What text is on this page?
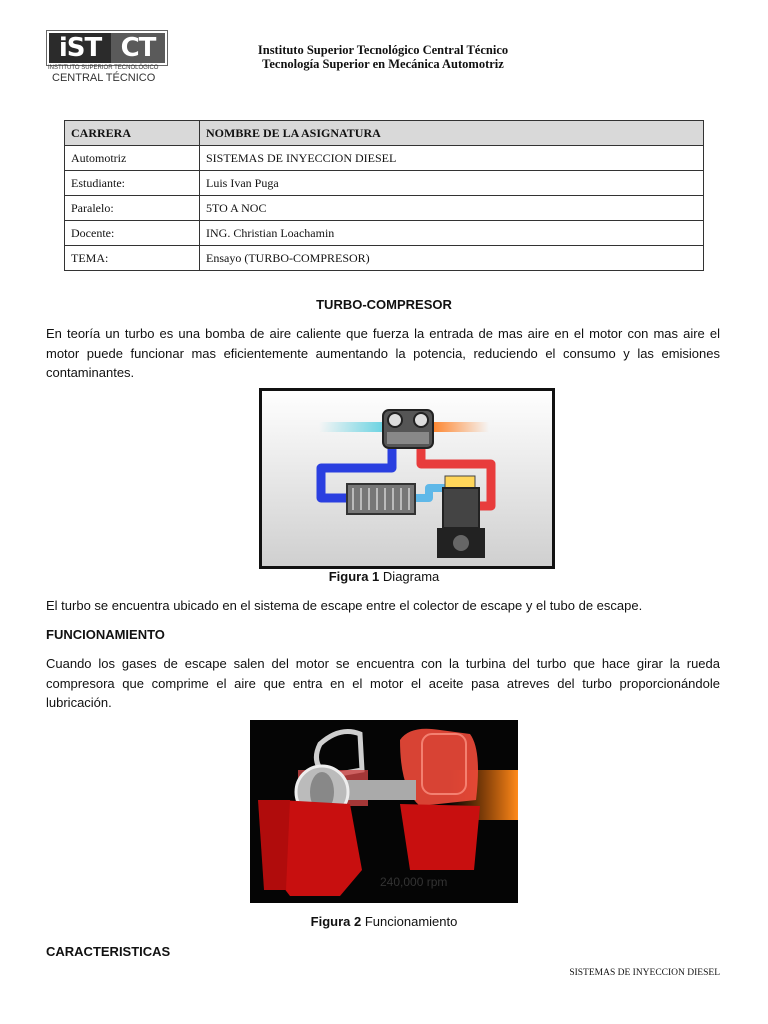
iST CT
INSTITUTO SUPERIOR TECNOLÓGICO
CENTRAL TÉCNICO
Instituto Superior Tecnológico Central Técnico
Tecnología Superior en Mecánica Automotriz
CARRERA	NOMBRE DE LA ASIGNATURA
Automotriz	SISTEMAS DE INYECCION DIESEL
Estudiante:	Luis Ivan Puga
Paralelo:	5TO A NOC
Docente:	ING. Christian Loachamin
TEMA:	Ensayo (TURBO-COMPRESOR)
TURBO-COMPRESOR
En teoría un turbo es una bomba de aire caliente que fuerza la entrada de mas aire en el motor con mas aire el motor puede funcionar mas eficientemente aumentando la potencia, reduciendo el consumo y las emisiones contaminantes.
Figura 1 Diagrama
El turbo se encuentra ubicado en el sistema de escape entre el colector de escape y el tubo de escape.
FUNCIONAMIENTO
Cuando los gases de escape salen del motor se encuentra con la turbina del turbo que hace girar la rueda compresora que comprime el aire que entra en el motor el aceite pasa atreves del turbo proporcionándole lubricación.
240,000 rpm
Figura 2 Funcionamiento
CARACTERISTICAS
SISTEMAS DE INYECCION DIESEL
